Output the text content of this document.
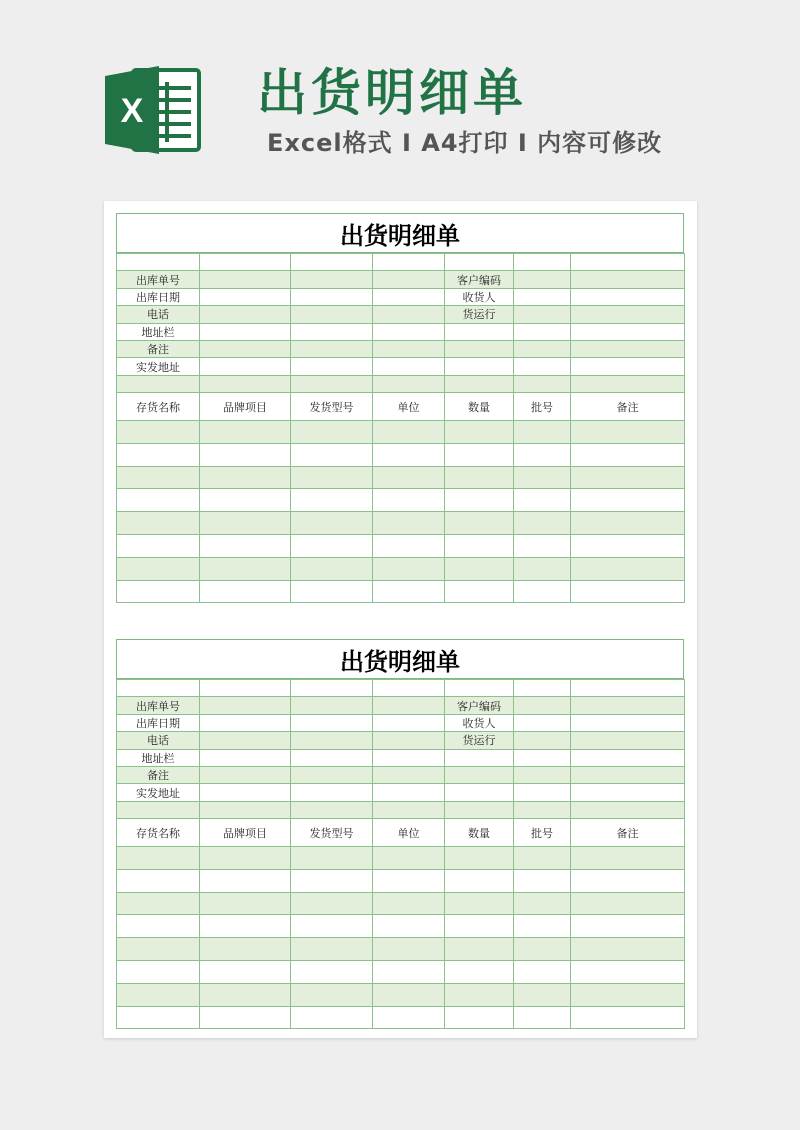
X 出货明细单
Excel格式 Ⅰ A4打印 Ⅰ 内容可修改
出货明细单

出库单号				客户编码		
出库日期				收货人		
电话				货运行		
地址栏						
备注						
实发地址						

存货名称	品牌项目	发货型号	单位	数量	批号	备注

出货明细单

出库单号				客户编码		
出库日期				收货人		
电话				货运行		
地址栏						
备注						
实发地址						

存货名称	品牌项目	发货型号	单位	数量	批号	备注
